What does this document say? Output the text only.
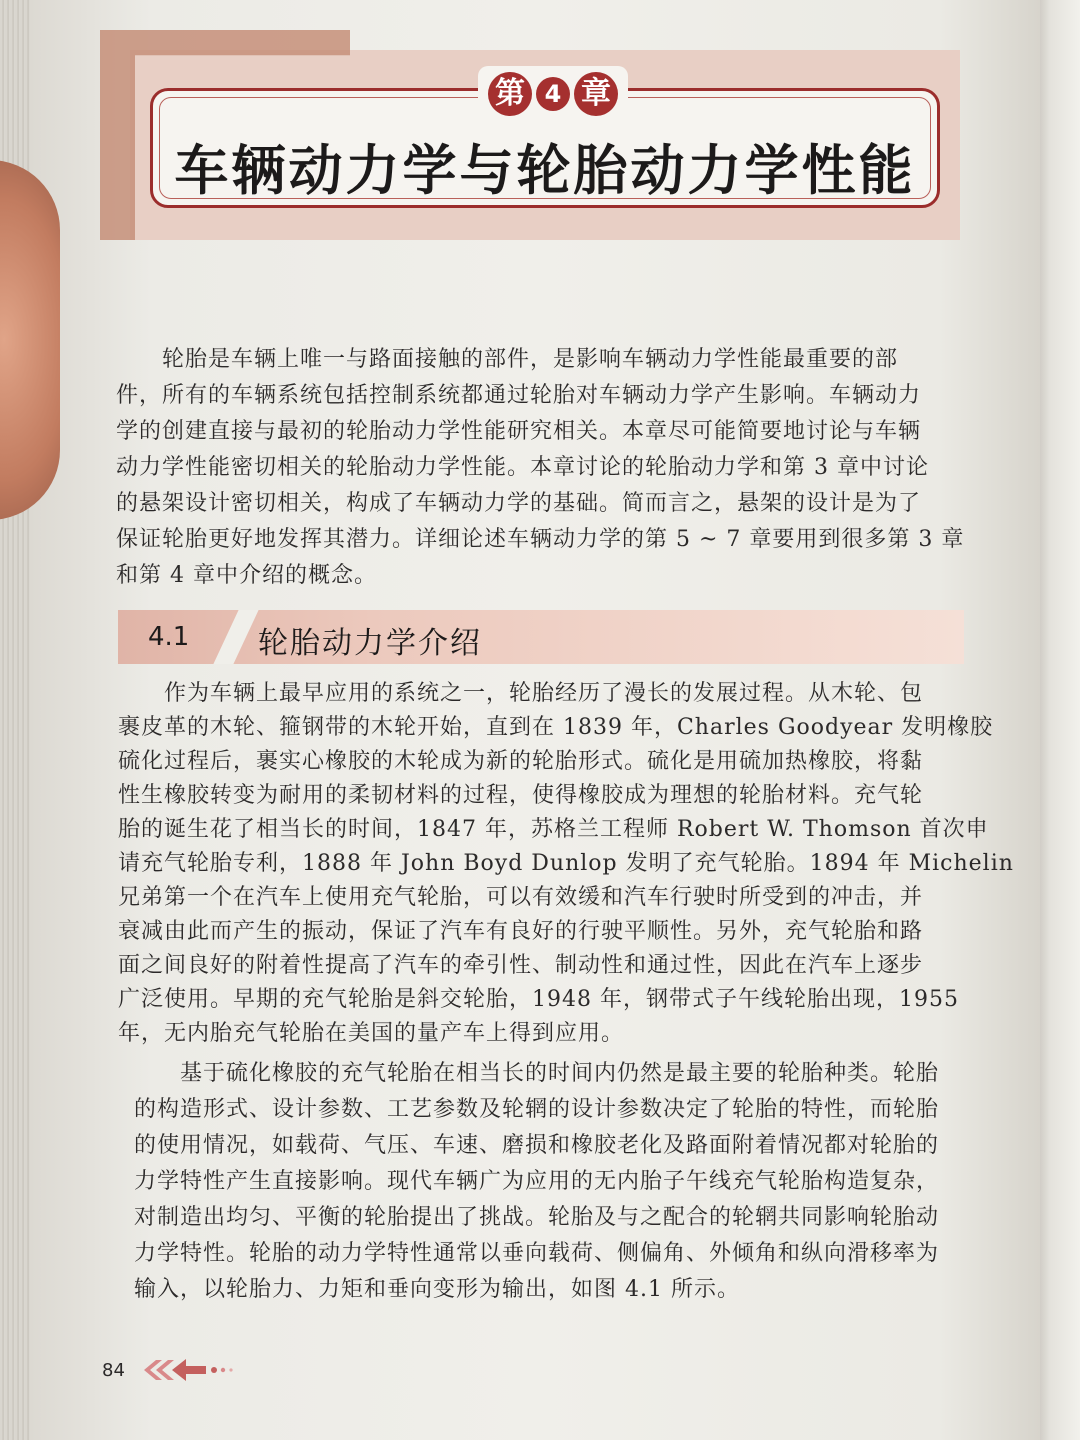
第 4 章
车辆动力学与轮胎动力学性能
轮胎是车辆上唯一与路面接触的部件，是影响车辆动力学性能最重要的部
件，所有的车辆系统包括控制系统都通过轮胎对车辆动力学产生影响。车辆动力
学的创建直接与最初的轮胎动力学性能研究相关。本章尽可能简要地讨论与车辆
动力学性能密切相关的轮胎动力学性能。本章讨论的轮胎动力学和第 3 章中讨论
的悬架设计密切相关，构成了车辆动力学的基础。简而言之，悬架的设计是为了
保证轮胎更好地发挥其潜力。详细论述车辆动力学的第 5 ~ 7 章要用到很多第 3 章
和第 4 章中介绍的概念。
4.1 轮胎动力学介绍
作为车辆上最早应用的系统之一，轮胎经历了漫长的发展过程。从木轮、包
裹皮革的木轮、箍钢带的木轮开始，直到在 1839 年，Charles Goodyear 发明橡胶
硫化过程后，裹实心橡胶的木轮成为新的轮胎形式。硫化是用硫加热橡胶，将黏
性生橡胶转变为耐用的柔韧材料的过程，使得橡胶成为理想的轮胎材料。充气轮
胎的诞生花了相当长的时间，1847 年，苏格兰工程师 Robert W. Thomson 首次申
请充气轮胎专利，1888 年 John Boyd Dunlop 发明了充气轮胎。1894 年 Michelin
兄弟第一个在汽车上使用充气轮胎，可以有效缓和汽车行驶时所受到的冲击，并
衰减由此而产生的振动，保证了汽车有良好的行驶平顺性。另外，充气轮胎和路
面之间良好的附着性提高了汽车的牵引性、制动性和通过性，因此在汽车上逐步
广泛使用。早期的充气轮胎是斜交轮胎，1948 年，钢带式子午线轮胎出现，1955
年，无内胎充气轮胎在美国的量产车上得到应用。
基于硫化橡胶的充气轮胎在相当长的时间内仍然是最主要的轮胎种类。轮胎
的构造形式、设计参数、工艺参数及轮辋的设计参数决定了轮胎的特性，而轮胎
的使用情况，如载荷、气压、车速、磨损和橡胶老化及路面附着情况都对轮胎的
力学特性产生直接影响。现代车辆广为应用的无内胎子午线充气轮胎构造复杂，
对制造出均匀、平衡的轮胎提出了挑战。轮胎及与之配合的轮辋共同影响轮胎动
力学特性。轮胎的动力学特性通常以垂向载荷、侧偏角、外倾角和纵向滑移率为
输入，以轮胎力、力矩和垂向变形为输出，如图 4.1 所示。
84
